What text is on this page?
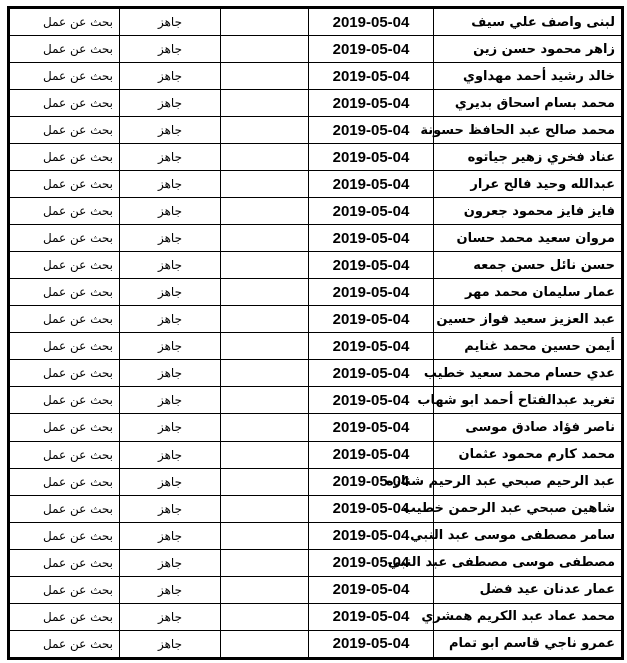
بحث عن عمل	جاهز		2019-05-04	لبنى واصف علي سيف
بحث عن عمل	جاهز		2019-05-04	زاهر محمود حسن زين
بحث عن عمل	جاهز		2019-05-04	خالد رشيد أحمد مهداوي
بحث عن عمل	جاهز		2019-05-04	محمد بسام اسحاق بديري
بحث عن عمل	جاهز		2019-05-04	محمد صالح عبد الحافظ حسونة
بحث عن عمل	جاهز		2019-05-04	عناد فخري زهير جياتوه
بحث عن عمل	جاهز		2019-05-04	عبدالله وحيد فالح عرار
بحث عن عمل	جاهز		2019-05-04	فايز فايز محمود جعرون
بحث عن عمل	جاهز		2019-05-04	مروان سعيد محمد حسان
بحث عن عمل	جاهز		2019-05-04	حسن نائل حسن جمعه
بحث عن عمل	جاهز		2019-05-04	عمار سليمان محمد مهر
بحث عن عمل	جاهز		2019-05-04	عبد العزيز سعيد فواز حسين
بحث عن عمل	جاهز		2019-05-04	أيمن حسين محمد غنايم
بحث عن عمل	جاهز		2019-05-04	عدي حسام محمد سعيد خطيب
بحث عن عمل	جاهز		2019-05-04	تغريد عبدالفتاح أحمد ابو شهاب
بحث عن عمل	جاهز		2019-05-04	ناصر فؤاد صادق موسى
بحث عن عمل	جاهز		2019-05-04	محمد كارم محمود عثمان
بحث عن عمل	جاهز		2019-05-04	عبد الرحيم صبحي عبد الرحيم شناره
بحث عن عمل	جاهز		2019-05-04	شاهين صبحي عبد الرحمن خطيب
بحث عن عمل	جاهز		2019-05-04	سامر مصطفى موسى عبد النبي
بحث عن عمل	جاهز		2019-05-04	مصطفى موسى مصطفى عبد النبي
بحث عن عمل	جاهز		2019-05-04	عمار عدنان عيد فضل
بحث عن عمل	جاهز		2019-05-04	محمد عماد عبد الكريم همشري
بحث عن عمل	جاهز		2019-05-04	عمرو ناجي قاسم ابو تمام
